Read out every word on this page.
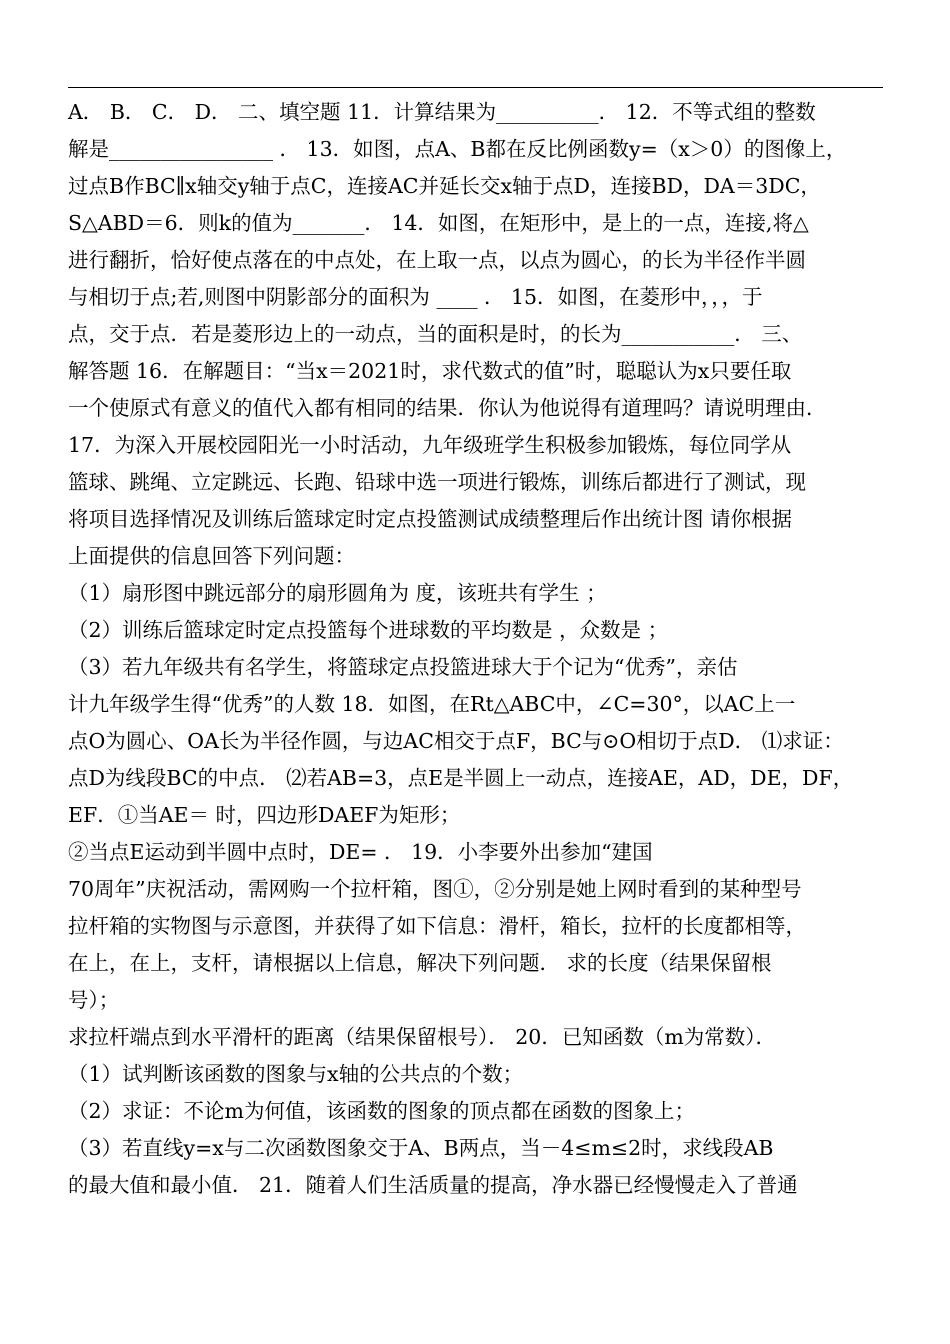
A． B． C． D． 二、填空题 11．计算结果为__________． 12．不等式组的整数
解是________________ ． 13．如图，点A、B都在反比例函数y=（x＞0）的图像上，
过点B作BC∥x轴交y轴于点C，连接AC并延长交x轴于点D，连接BD，DA＝3DC，
S△ABD＝6．则k的值为_______． 14．如图，在矩形中，是上的一点，连接,将△
进行翻折，恰好使点落在的中点处，在上取一点，以点为圆心，的长为半径作半圆
与相切于点;若,则图中阴影部分的面积为 ____ ． 15．如图，在菱形中，，，于
点，交于点．若是菱形边上的一动点，当的面积是时，的长为___________． 三、
解答题 16．在解题目：“当x＝2021时，求代数式的值”时，聪聪认为x只要任取
一个使原式有意义的值代入都有相同的结果．你认为他说得有道理吗？请说明理由．
17．为深入开展校园阳光一小时活动，九年级班学生积极参加锻炼，每位同学从
篮球、跳绳、立定跳远、长跑、铅球中选一项进行锻炼，训练后都进行了测试，现
将项目选择情况及训练后篮球定时定点投篮测试成绩整理后作出统计图 请你根据
上面提供的信息回答下列问题：
（1）扇形图中跳远部分的扇形圆角为 度，该班共有学生 ；
（2）训练后篮球定时定点投篮每个进球数的平均数是 ，众数是 ；
（3）若九年级共有名学生，将篮球定点投篮进球大于个记为“优秀”，亲估
计九年级学生得“优秀”的人数 18．如图，在Rt△ABC中，∠C=30°，以AC上一
点O为圆心、OA长为半径作圆，与边AC相交于点F，BC与⊙O相切于点D． ⑴求证：
点D为线段BC的中点． ⑵若AB=3，点E是半圆上一动点，连接AE，AD，DE，DF，
EF．①当AE＝ 时，四边形DAEF为矩形；
②当点E运动到半圆中点时，DE= ． 19．小李要外出参加“建国
70周年”庆祝活动，需网购一个拉杆箱，图①，②分别是她上网时看到的某种型号
拉杆箱的实物图与示意图，并获得了如下信息：滑杆，箱长，拉杆的长度都相等，
在上，在上，支杆，请根据以上信息，解决下列问题． 求的长度（结果保留根
号）；
求拉杆端点到水平滑杆的距离（结果保留根号）． 20．已知函数（m为常数）．
（1）试判断该函数的图象与x轴的公共点的个数；
（2）求证：不论m为何值，该函数的图象的顶点都在函数的图象上；
（3）若直线y=x与二次函数图象交于A、B两点，当－4≤m≤2时，求线段AB
的最大值和最小值． 21．随着人们生活质量的提高，净水器已经慢慢走入了普通
